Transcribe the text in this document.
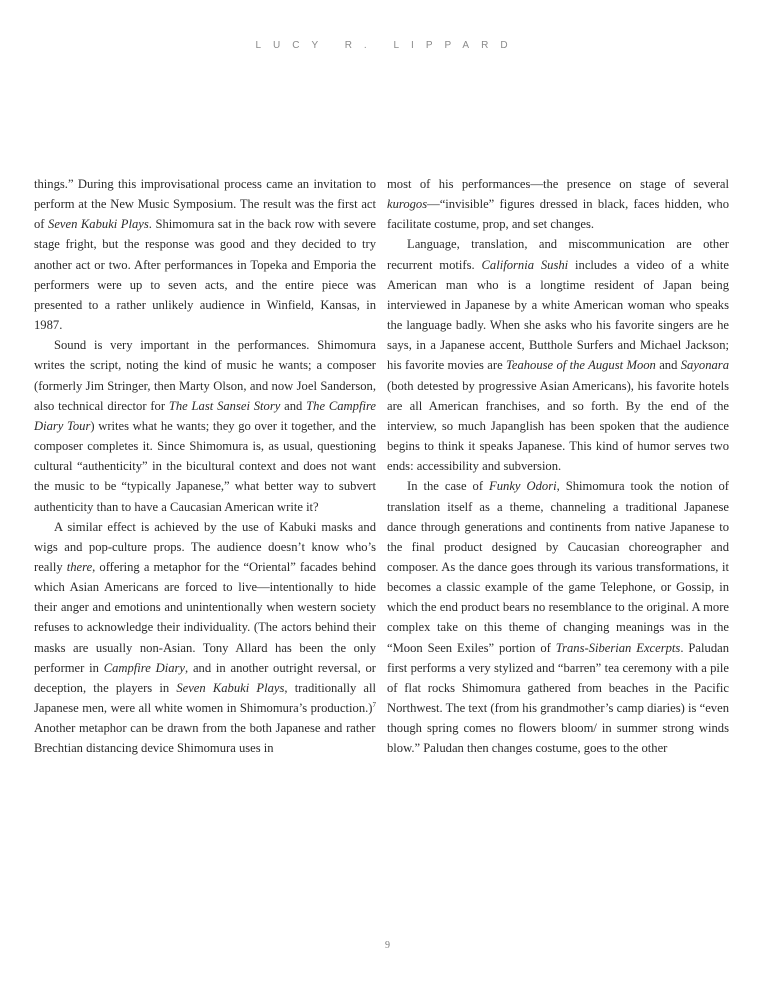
LUCY R. LIPPARD

things.” During this improvisational process came an invitation to perform at the New Music Symposium. The result was the first act of Seven Kabuki Plays. Shimomura sat in the back row with severe stage fright, but the response was good and they decided to try another act or two. After performances in Topeka and Emporia the performers were up to seven acts, and the entire piece was presented to a rather unlikely audience in Winfield, Kansas, in 1987.

Sound is very important in the performances. Shimomura writes the script, noting the kind of music he wants; a composer (formerly Jim Stringer, then Marty Olson, and now Joel Sanderson, also technical director for The Last Sansei Story and The Campfire Diary Tour) writes what he wants; they go over it together, and the composer completes it. Since Shimomura is, as usual, questioning cultural “authenticity” in the bicultural context and does not want the music to be “typically Japanese,” what better way to subvert authenticity than to have a Caucasian American write it?

A similar effect is achieved by the use of Kabuki masks and wigs and pop-culture props. The audience doesn’t know who’s really there, offering a metaphor for the “Oriental” facades behind which Asian Americans are forced to live—intentionally to hide their anger and emotions and unintentionally when western society refuses to acknowledge their individuality. (The actors behind their masks are usually non-Asian. Tony Allard has been the only performer in Campfire Diary, and in another outright reversal, or deception, the players in Seven Kabuki Plays, traditionally all Japanese men, were all white women in Shimomura’s production.)$^7$ Another metaphor can be drawn from the both Japanese and rather Brechtian distancing device Shimomura uses in

most of his performances—the presence on stage of several kurogos—“invisible” figures dressed in black, faces hidden, who facilitate costume, prop, and set changes.

Language, translation, and miscommunication are other recurrent motifs. California Sushi includes a video of a white American man who is a longtime resident of Japan being interviewed in Japanese by a white American woman who speaks the language badly. When she asks who his favorite singers are he says, in a Japanese accent, Butthole Surfers and Michael Jackson; his favorite movies are Teahouse of the August Moon and Sayonara (both detested by progressive Asian Americans), his favorite hotels are all American franchises, and so forth. By the end of the interview, so much Japanglish has been spoken that the audience begins to think it speaks Japanese. This kind of humor serves two ends: accessibility and subversion.

In the case of Funky Odori, Shimomura took the notion of translation itself as a theme, channeling a traditional Japanese dance through generations and continents from native Japanese to the final product designed by Caucasian choreographer and composer. As the dance goes through its various transformations, it becomes a classic example of the game Telephone, or Gossip, in which the end product bears no resemblance to the original. A more complex take on this theme of changing meanings was in the “Moon Seen Exiles” portion of Trans-Siberian Excerpts. Paludan first performs a very stylized and “barren” tea ceremony with a pile of flat rocks Shimomura gathered from beaches in the Pacific Northwest. The text (from his grandmother’s camp diaries) is “even though spring comes no flowers bloom/ in summer strong winds blow.” Paludan then changes costume, goes to the other

9
